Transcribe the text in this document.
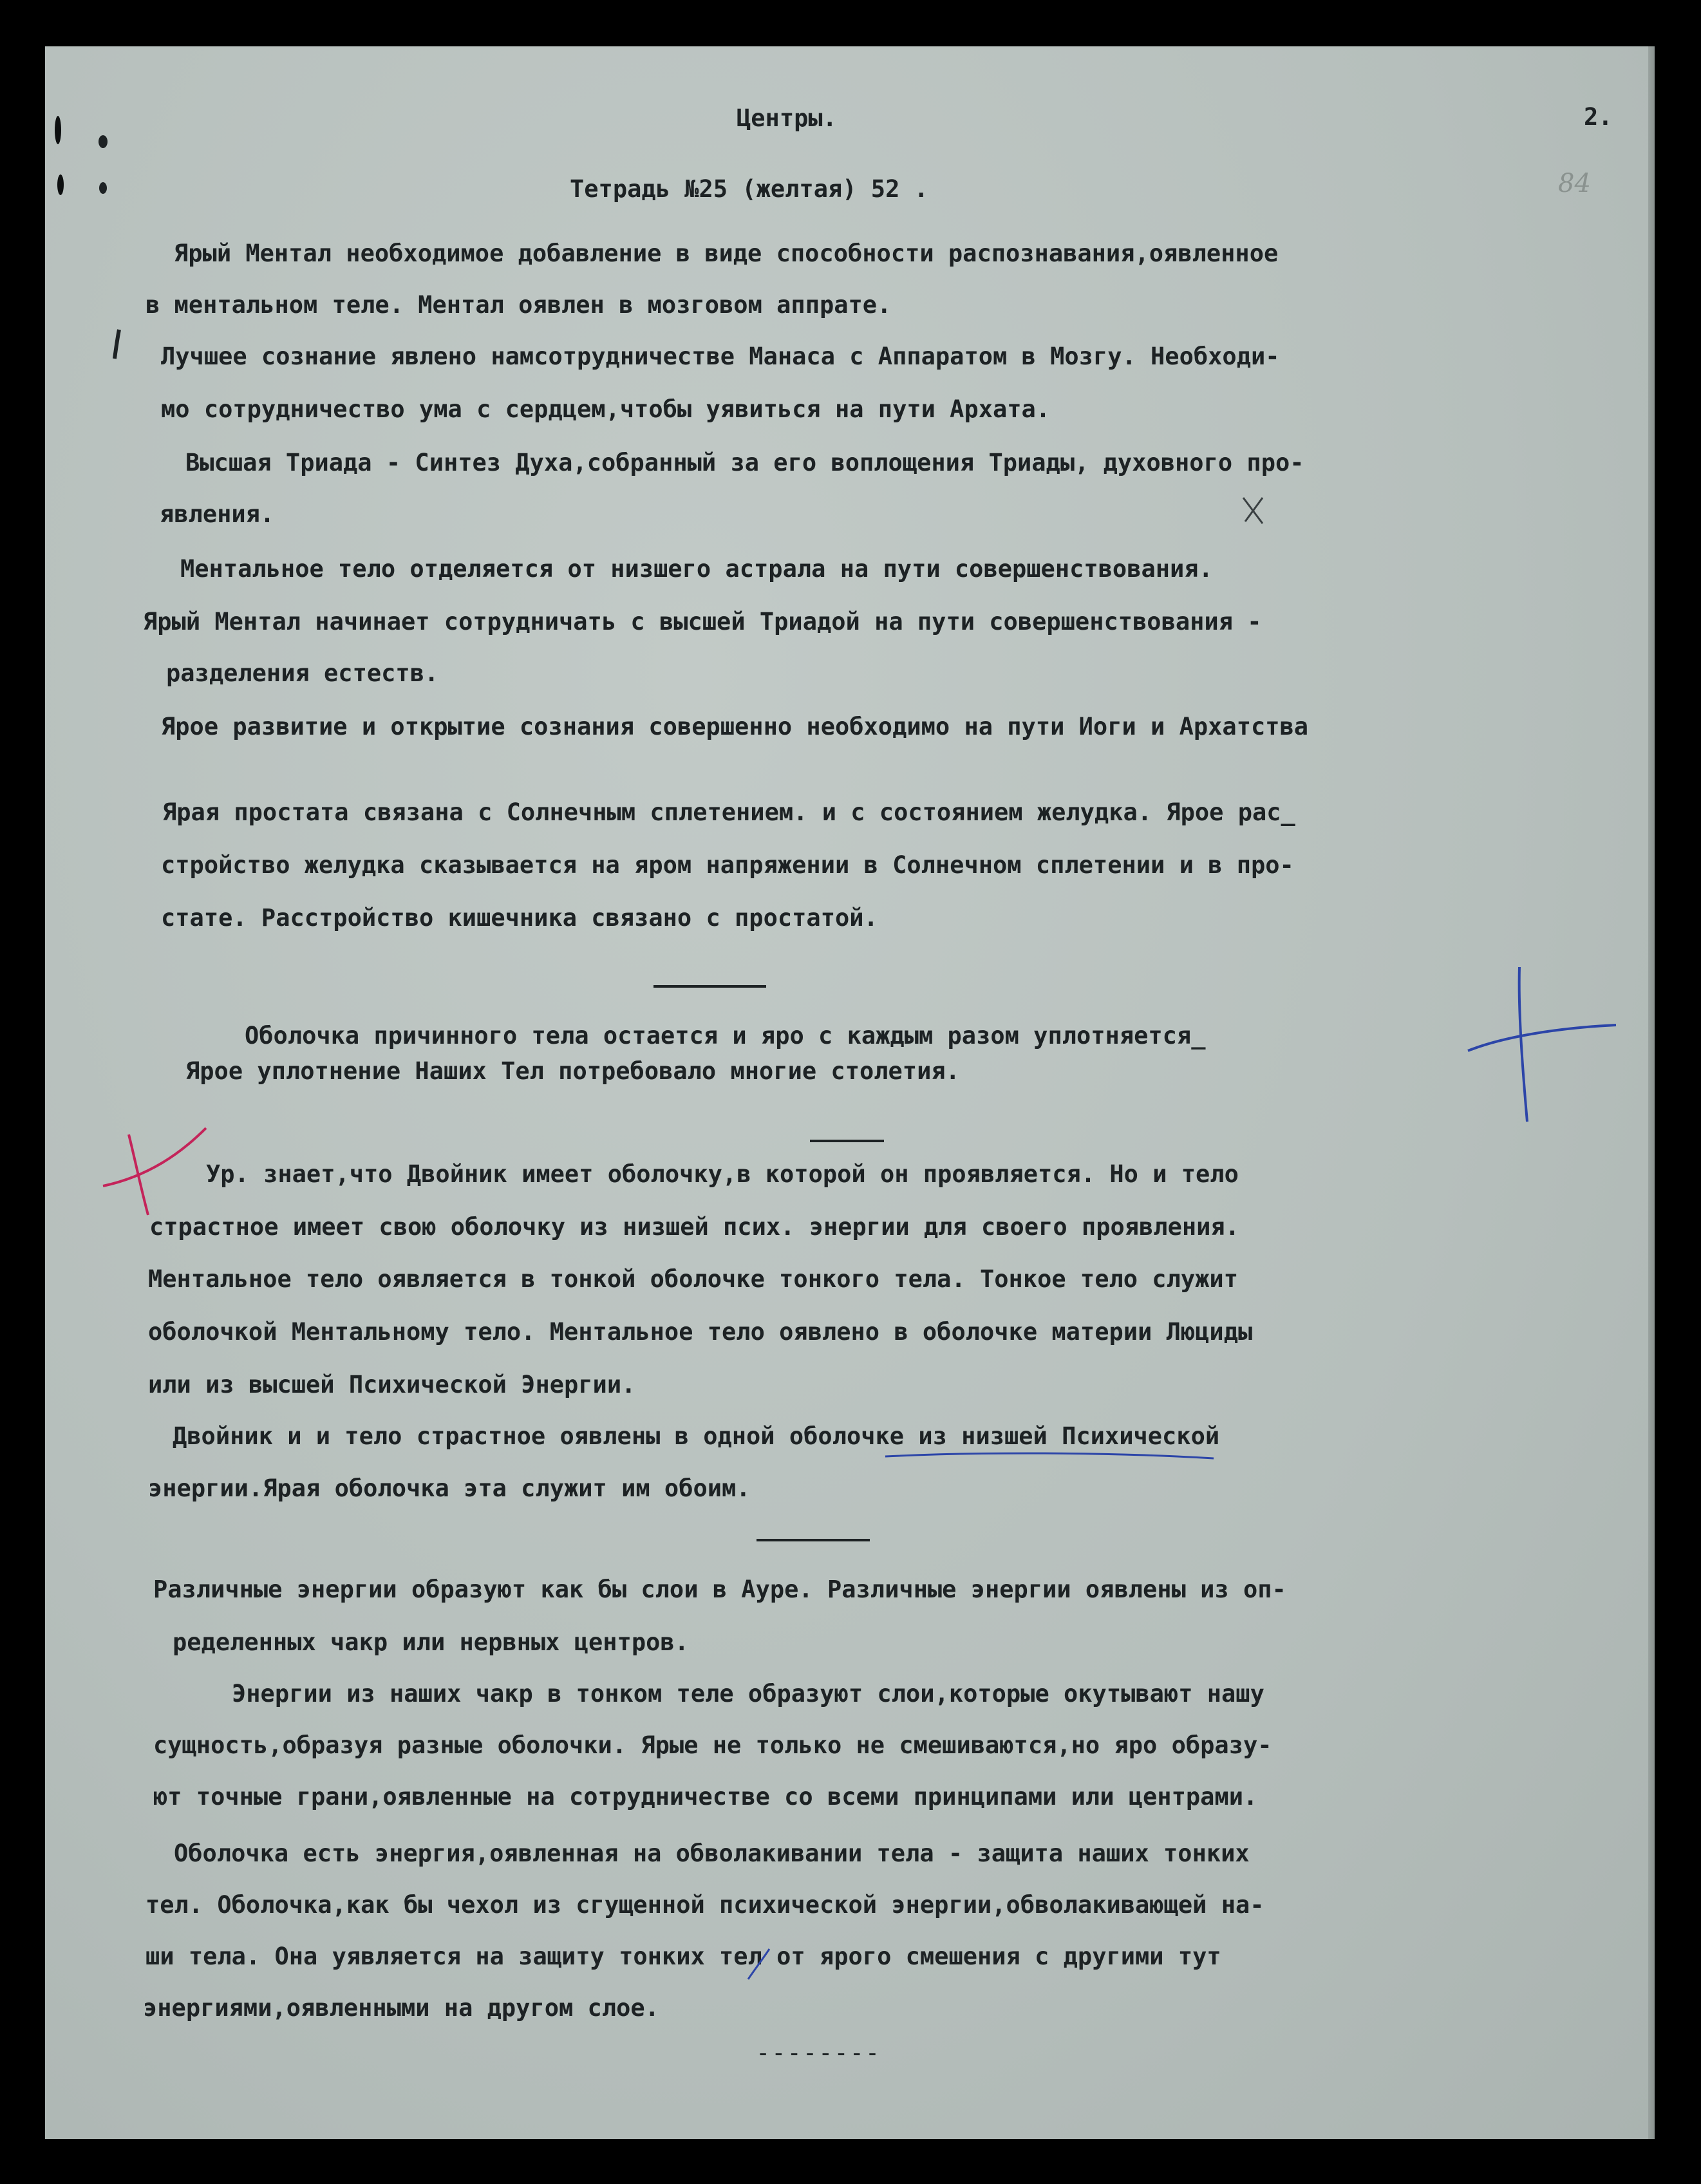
Центры.	2.
Тетрадь №25 (желтая) 52 .	84
Ярый Ментал необходимое добавление в виде способности распознавания,оявленное
в ментальном теле. Ментал оявлен в мозговом аппрате.
Лучшее сознание явлено намсотрудничестве Манаса с Аппаратом в Мозгу. Необходи-
мо сотрудничество ума с сердцем,чтобы уявиться на пути Архата.
Высшая Триада - Синтез Духа,собранный за его воплощения Триады, духовного про-
явления.
Ментальное тело отделяется от низшего астрала на пути совершенствования.
Ярый Ментал начинает сотрудничать с высшей Триадой на пути совершенствования -
разделения естеств.
Ярое развитие и открытие сознания совершенно необходимо на пути Иоги и Архатства
Ярая простата связана с Солнечным сплетением. и с состоянием желудка. Ярое рас_
стройство желудка сказывается на яром напряжении в Солнечном сплетении и в про-
стате. Расстройство кишечника связано с простатой.
Оболочка причинного тела остается и яро с каждым разом уплотняется_
Ярое уплотнение Наших Тел потребовало многие столетия.
Ур. знает,что Двойник имеет оболочку,в которой он проявляется. Но и тело
страстное имеет свою оболочку из низшей псих. энергии для своего проявления.
Ментальное тело оявляется в тонкой оболочке тонкого тела. Тонкое тело служит
оболочкой Ментальному тело. Ментальное тело оявлено в оболочке материи Люциды
или из высшей Психической Энергии.
Двойник и и тело страстное оявлены в одной оболочке из низшей Психической
энергии.Ярая оболочка эта служит им обоим.
Различные энергии образуют как бы слои в Ауре. Различные энергии оявлены из оп-
ределенных чакр или нервных центров.
Энергии из наших чакр в тонком теле образуют слои,которые окутывают нашу
сущность,образуя разные оболочки. Ярые не только не смешиваются,но яро образу-
ют точные грани,оявленные на сотрудничестве со всеми принципами или центрами.
Оболочка есть энергия,оявленная на обволакивании тела - защита наших тонких
тел. Оболочка,как бы чехол из сгущенной психической энергии,обволакивающей на-
ши тела. Она уявляется на защиту тонких тел от ярого смешения с другими тут
энергиями,оявленными на другом слое.
--------
